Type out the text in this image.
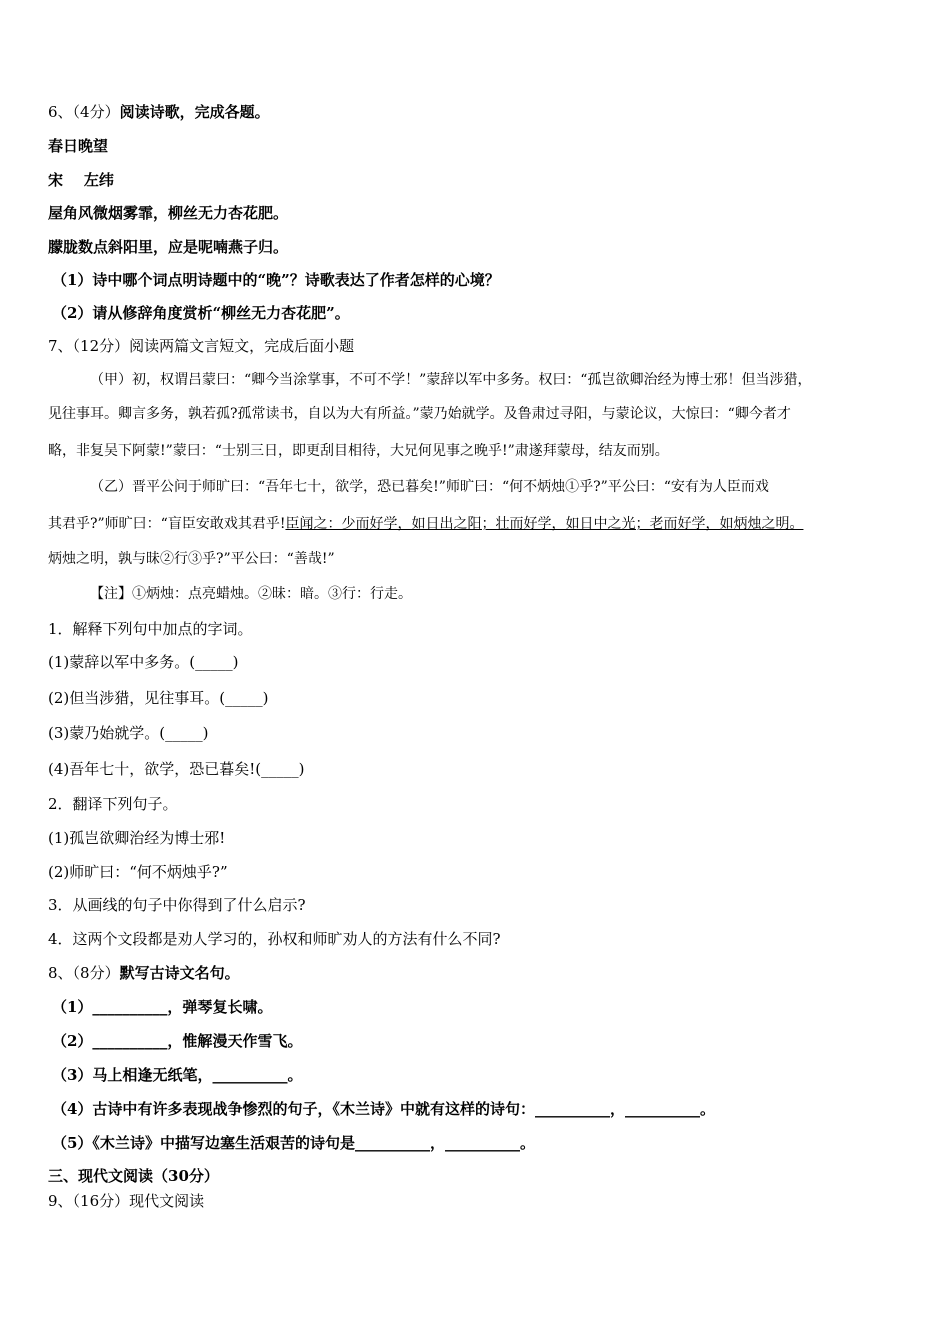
6、（4分）阅读诗歌，完成各题。
春日晚望
宋    左纬
屋角风微烟雾霏，柳丝无力杏花肥。
朦胧数点斜阳里，应是呢喃燕子归。
（1）诗中哪个词点明诗题中的“晚”？诗歌表达了作者怎样的心境？
（2）请从修辞角度赏析“柳丝无力杏花肥”。
7、（12分）阅读两篇文言短文，完成后面小题
（甲）初，权谓吕蒙曰：“卿今当涂掌事，不可不学！”蒙辞以军中多务。权曰：“孤岂欲卿治经为博士邪！但当涉猎，
见往事耳。卿言多务，孰若孤?孤常读书，自以为大有所益。”蒙乃始就学。及鲁肃过寻阳，与蒙论议，大惊曰：“卿今者才
略，非复吴下阿蒙!”蒙曰：“士别三日，即更刮目相待，大兄何见事之晚乎!”肃遂拜蒙母，结友而别。
（乙）晋平公问于师旷曰：“吾年七十，欲学，恐已暮矣!”师旷曰：“何不炳烛①乎?”平公曰：“安有为人臣而戏
其君乎?”师旷曰：“盲臣安敢戏其君乎!臣闻之：少而好学，如日出之阳；壮而好学，如日中之光；老而好学，如炳烛之明。
炳烛之明，孰与昧②行③乎?”平公曰：“善哉!”
【注】①炳烛：点亮蜡烛。②昧：暗。③行：行走。
1．解释下列句中加点的字词。
(1)蒙辞以军中多务。(_____)
(2)但当涉猎，见往事耳。(_____)
(3)蒙乃始就学。(_____)
(4)吾年七十，欲学，恐已暮矣!(_____)
2．翻译下列句子。
(1)孤岂欲卿治经为博士邪!
(2)师旷曰：“何不炳烛乎?”
3．从画线的句子中你得到了什么启示?
4．这两个文段都是劝人学习的，孙权和师旷劝人的方法有什么不同?
8、（8分）默写古诗文名句。
（1）__________，弹琴复长啸。
（2）__________，惟解漫天作雪飞。
（3）马上相逢无纸笔，__________。
（4）古诗中有许多表现战争惨烈的句子，《木兰诗》中就有这样的诗句：__________，__________。
（5）《木兰诗》中描写边塞生活艰苦的诗句是__________，__________。
三、现代文阅读（30分）
9、（16分）现代文阅读
